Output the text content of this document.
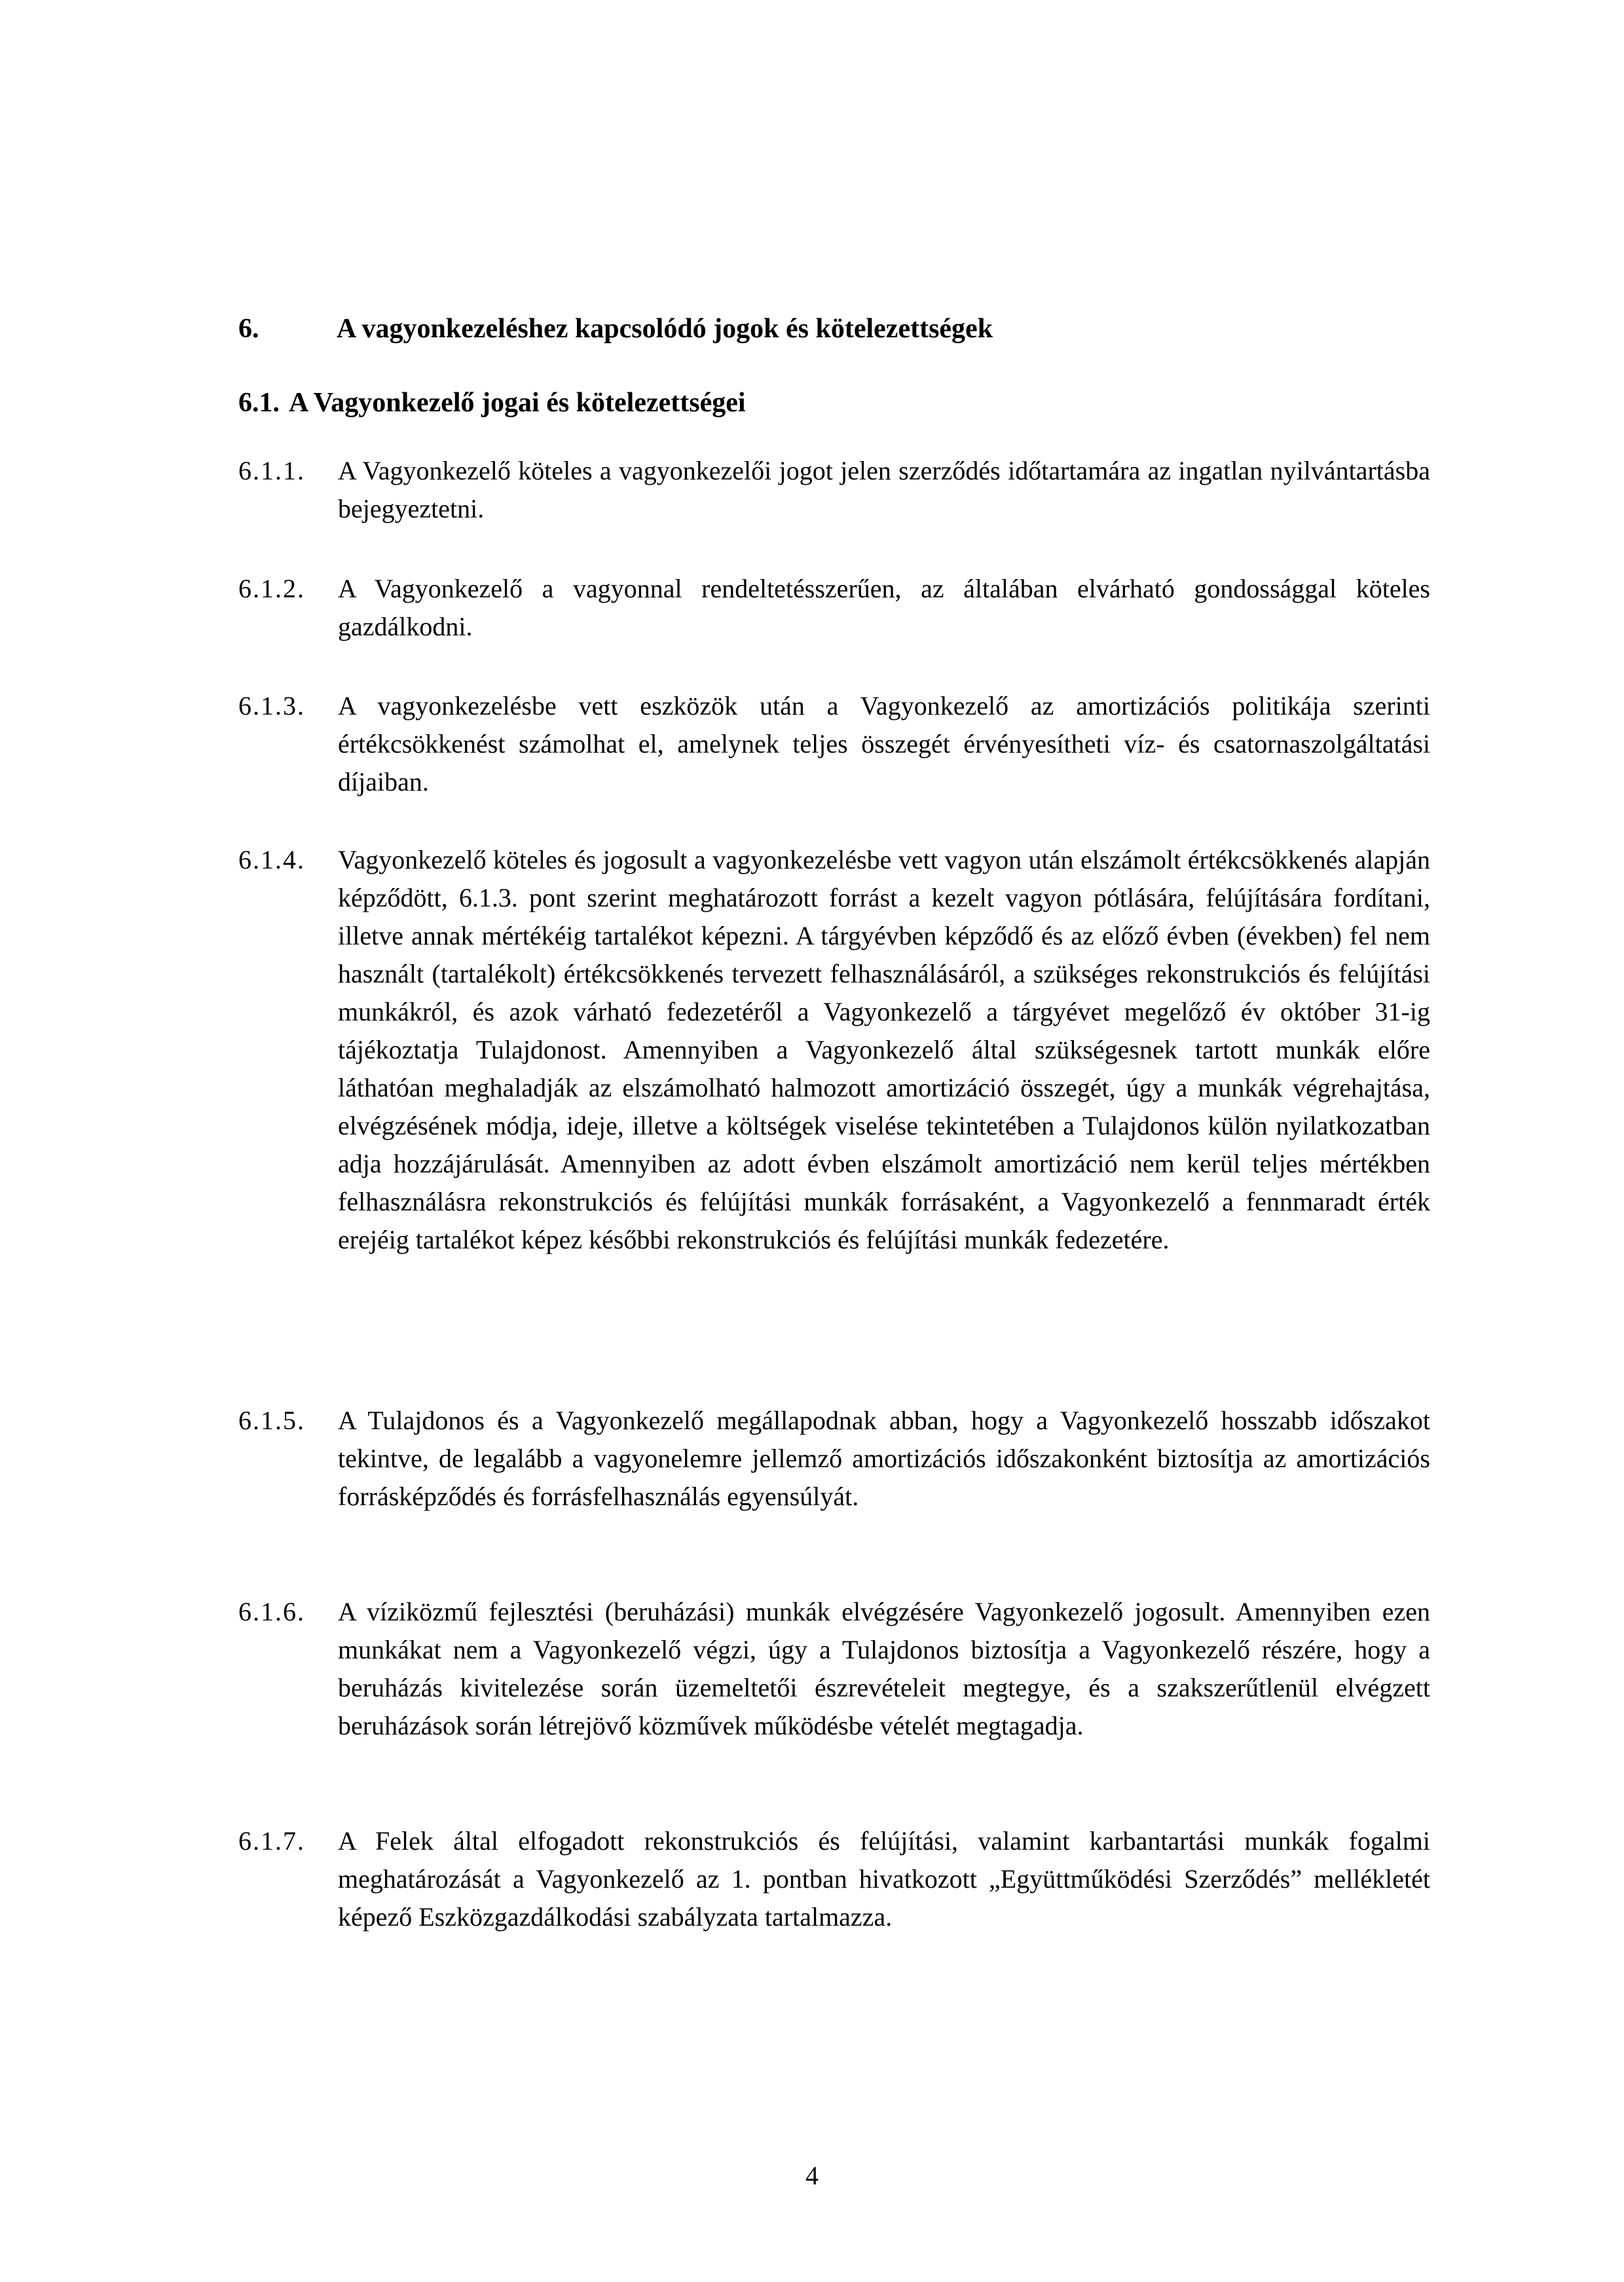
6.	A vagyonkezeléshez kapcsolódó jogok és kötelezettségek
6.1. A Vagyonkezelő jogai és kötelezettségei
6.1.1. A Vagyonkezelő köteles a vagyonkezelői jogot jelen szerződés időtartamára az ingatlan nyilvántartásba bejegyeztetni.
6.1.2. A Vagyonkezelő a vagyonnal rendeltetésszerűen, az általában elvárható gondossággal köteles gazdálkodni.
6.1.3. A vagyonkezelésbe vett eszközök után a Vagyonkezelő az amortizációs politikája szerinti értékcsökkenést számolhat el, amelynek teljes összegét érvényesítheti víz- és csatornaszolgáltatási díjaiban.
6.1.4. Vagyonkezelő köteles és jogosult a vagyonkezelésbe vett vagyon után elszámolt értékcsökkenés alapján képződött, 6.1.3. pont szerint meghatározott forrást a kezelt vagyon pótlására, felújítására fordítani, illetve annak mértékéig tartalékot képezni. A tárgyévben képződő és az előző évben (években) fel nem használt (tartalékolt) értékcsökkenés tervezett felhasználásáról, a szükséges rekonstrukciós és felújítási munkákról, és azok várható fedezetéről a Vagyonkezelő a tárgyévet megelőző év október 31-ig tájékoztatja Tulajdonost. Amennyiben a Vagyonkezelő által szükségesnek tartott munkák előre láthatóan meghaladják az elszámolható halmozott amortizáció összegét, úgy a munkák végrehajtása, elvégzésének módja, ideje, illetve a költségek viselése tekintetében a Tulajdonos külön nyilatkozatban adja hozzájárulását. Amennyiben az adott évben elszámolt amortizáció nem kerül teljes mértékben felhasználásra rekonstrukciós és felújítási munkák forrásaként, a Vagyonkezelő a fennmaradt érték erejéig tartalékot képez későbbi rekonstrukciós és felújítási munkák fedezetére.
6.1.5. A Tulajdonos és a Vagyonkezelő megállapodnak abban, hogy a Vagyonkezelő hosszabb időszakot tekintve, de legalább a vagyonelemre jellemző amortizációs időszakonként biztosítja az amortizációs forrásképződés és forrásfelhasználás egyensúlyát.
6.1.6. A víziközmű fejlesztési (beruházási) munkák elvégzésére Vagyonkezelő jogosult. Amennyiben ezen munkákat nem a Vagyonkezelő végzi, úgy a Tulajdonos biztosítja a Vagyonkezelő részére, hogy a beruházás kivitelezése során üzemeltetői észrevételeit megtegye, és a szakszerűtlenül elvégzett beruházások során létrejövő közművek működésbe vételét megtagadja.
6.1.7. A Felek által elfogadott rekonstrukciós és felújítási, valamint karbantartási munkák fogalmi meghatározását a Vagyonkezelő az 1. pontban hivatkozott „Együttműködési Szerződés” mellékletét képező Eszközgazdálkodási szabályzata tartalmazza.
4
